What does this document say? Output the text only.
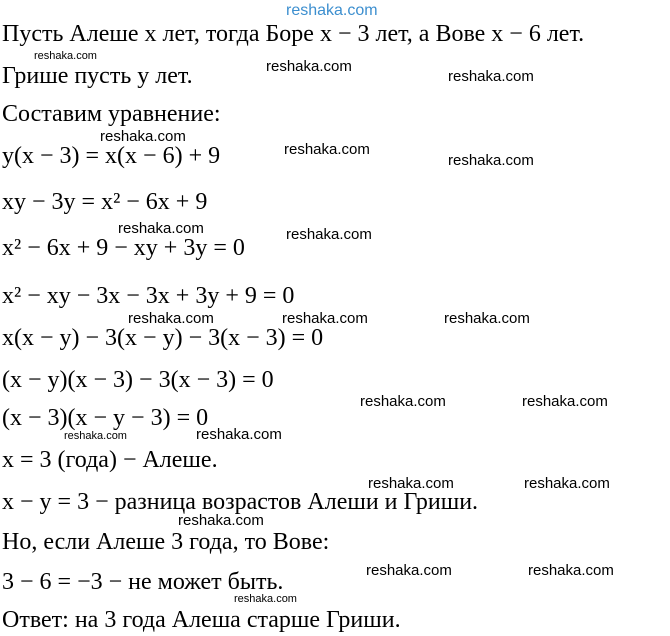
Пусть Алеше x лет, тогда Боре x − 3 лет, а Вове x − 6 лет.

Грише пусть y лет.

Составим уравнение:

y(x − 3) = x(x − 6) + 9

xy − 3y = x² − 6x + 9

x² − 6x + 9 − xy + 3y = 0

x² − xy − 3x − 3x + 3y + 9 = 0

x(x − y) − 3(x − y) − 3(x − 3) = 0

(x − y)(x − 3) − 3(x − 3) = 0

(x − 3)(x − y − 3) = 0

x = 3 (года) − Алеше.

x − y = 3 − разница возрастов Алеши и Гриши.

Но, если Алеше 3 года, то Вове:

3 − 6 = −3 − не может быть.

Ответ: на 3 года Алеша старше Гриши.

reshaka.com
reshaka.com
reshaka.com
reshaka.com
reshaka.com
reshaka.com
reshaka.com
reshaka.com	reshaka.com
reshaka.com	reshaka.com	reshaka.com
reshaka.com	reshaka.com
reshaka.com	reshaka.com
reshaka.com	reshaka.com
reshaka.com
reshaka.com	reshaka.com
reshaka.com
